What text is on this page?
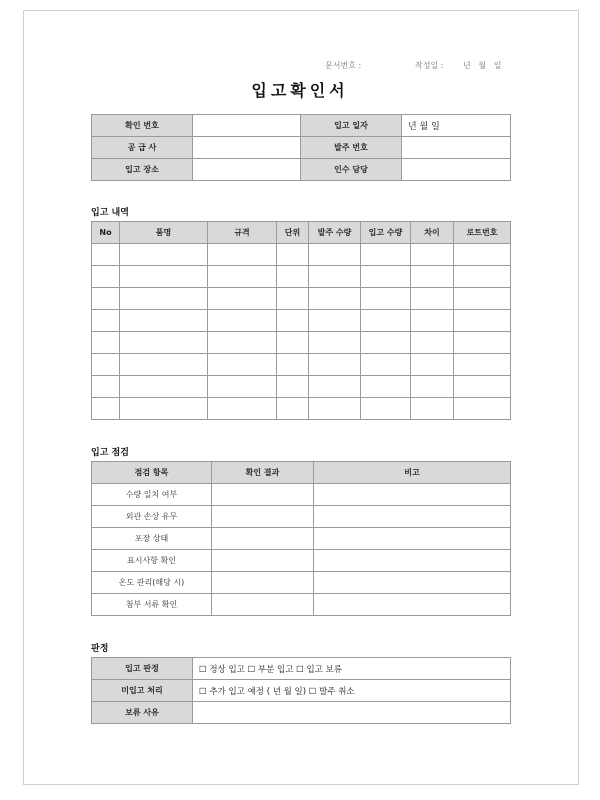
문서번호 :	작성일 : 년   월   일
입고확인서
확인 번호		입고 일자	년 월 일
공 급 사		발주 번호	
입고 장소		인수 담당	
입고 내역
No	품명	규격	단위	발주 수량	입고 수량	차이	로트번호

입고 점검
점검 항목	확인 결과	비고
수량 일치 여부		
외관 손상 유무		
포장 상태		
표시사항 확인		
온도 관리(해당 시)		
첨부 서류 확인		
판정
입고 판정	☐ 정상 입고 ☐ 부분 입고 ☐ 입고 보류
미입고 처리	☐ 추가 입고 예정 ( 년 월 일) ☐ 발주 취소
보류 사유	
